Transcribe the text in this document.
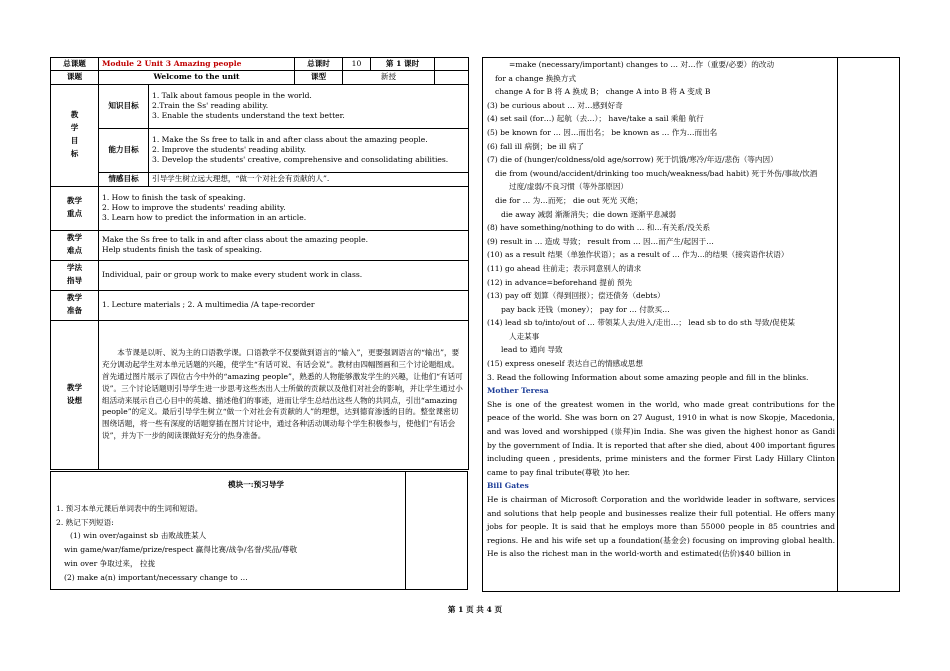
总课题	Module 2 Unit 3 Amazing people		总课时	10	第 1 课时	
课题	Welcome to the unit		课型	新授		

教学目标	知识目标	1. Talk about famous people in the world.
2.Train the Ss' reading ability.
3. Enable the students understand the text better.				

	能力目标	1. Make the Ss free to talk in and after class about the amazing people.
2. Improve the students' reading ability.
3. Develop the students' creative, comprehensive and consolidating abilities.				

	情感目标	引导学生树立远大理想，“做一个对社会有贡献的人”.				

教学重点	1. How to finish the task of speaking.
2. How to improve the students' reading ability.
3. Learn how to predict the information in an article.					

教学难点	Make the Ss free to talk in and after class about the amazing people.
Help students finish the task of speaking.					

学法指导	Individual, pair or group work to make every student work in class.					

教学准备	1. Lecture materials ; 2. A multimedia /A tape-recorder					

教学设想	本节课是以听、说为主的口语教学课。口语教学不仅要做到语言的“输入”，更要强调语言的“输出”，要充分调动起学生对本单元话题的兴趣，使学生“有话可说、有话会说”。教材由四幅图画和三个讨论题组成。首先通过图片展示了四位古今中外的“amazing people”，熟悉的人物能够激发学生的兴趣，让他们“有话可说”。三个讨论话题则引导学生进一步思考这些杰出人士所做的贡献以及他们对社会的影响，并让学生通过小组活动来展示自己心目中的英雄、描述他们的事迹，进而让学生总结出这些人物的共同点，引出“amazing people”的定义。最后引导学生树立“做一个对社会有贡献的人”的理想，达到德育渗透的目的。整堂课密切围绕话题，将一些有深度的话题穿插在图片讨论中，通过各种活动调动每个学生积极参与，使他们“有话会说”，并为下一步的阅读课做好充分的热身准备。					

模块一:预习导学

1. 预习本单元课后单词表中的生词和短语。

2. 熟记下列短语:

(1) win over/against sb 击败战胜某人

win game/war/fame/prize/respect 赢得比赛/战争/名誉/奖品/尊敬

win over 争取过来， 拉拢

(2) make a(n) important/necessary change to …

=make (necessary/important) changes to … 对…作（重要/必要）的改动

for a change 换换方式

change A for B 将 A 换成 B； change A into B 将 A 变成 B

(3) be curious about … 对…感到好奇

(4) set sail (for…) 起航（去…）； have/take a sail 乘船 航行

(5) be known for … 因…而出名； be known as … 作为…而出名

(6) fall ill 病倒；be ill 病了

(7) die of (hunger/coldness/old age/sorrow) 死于饥饿/寒冷/年迈/悲伤（等内因）

die from (wound/accident/drinking too much/weakness/bad habit) 死于外伤/事故/饮酒

过度/虚弱/不良习惯（等外部原因）

die for … 为…而死； die out 死光 灭绝；

die away 减弱 渐渐消失；die down 逐渐平息减弱

(8) have something/nothing to do with … 和…有关系/没关系

(9) result in … 造成 导致； result from … 因…而产生/起因于…

(10) as a result 结果（单独作状语）；as a result of … 作为…的结果（接宾语作状语）

(11) go ahead 往前走；表示同意别人的请求

(12) in advance=beforehand 提前 预先

(13) pay off 划算（得到回报）；偿还债务（debts）

pay back 还钱（money）； pay for … 付款买…

(14) lead sb to/into/out of … 带领某人去/进入/走出…； lead sb to do sth 导致/促使某

人走某事

lead to 通向 导致

(15) express oneself 表达自己的情感或思想

3. Read the following Information about some amazing people and fill in the blinks.

Mother Teresa

She is one of the greatest women in the world, who made great contributions for the peace of the world. She was born on 27 August, 1910 in what is now Skopje, Macedonia, and was loved and worshipped (崇拜)in India. She was given the highest honor as Gandi by the government of India. It is reported that after she died, about 400 important figures including queen , presidents, prime ministers and the former First Lady Hillary Clinton came to pay final tribute(尊敬 )to her.

Bill Gates

He is chairman of Microsoft Corporation and the worldwide leader in software, services and solutions that help people and businesses realize their full potential. He offers many jobs for people. It is said that he employs more than 55000 people in 85 countries and regions. He and his wife set up a foundation(基金会) focusing on improving global health. He is also the richest man in the world-worth and estimated(估价)$40 billion in

第 1 页 共 4 页
